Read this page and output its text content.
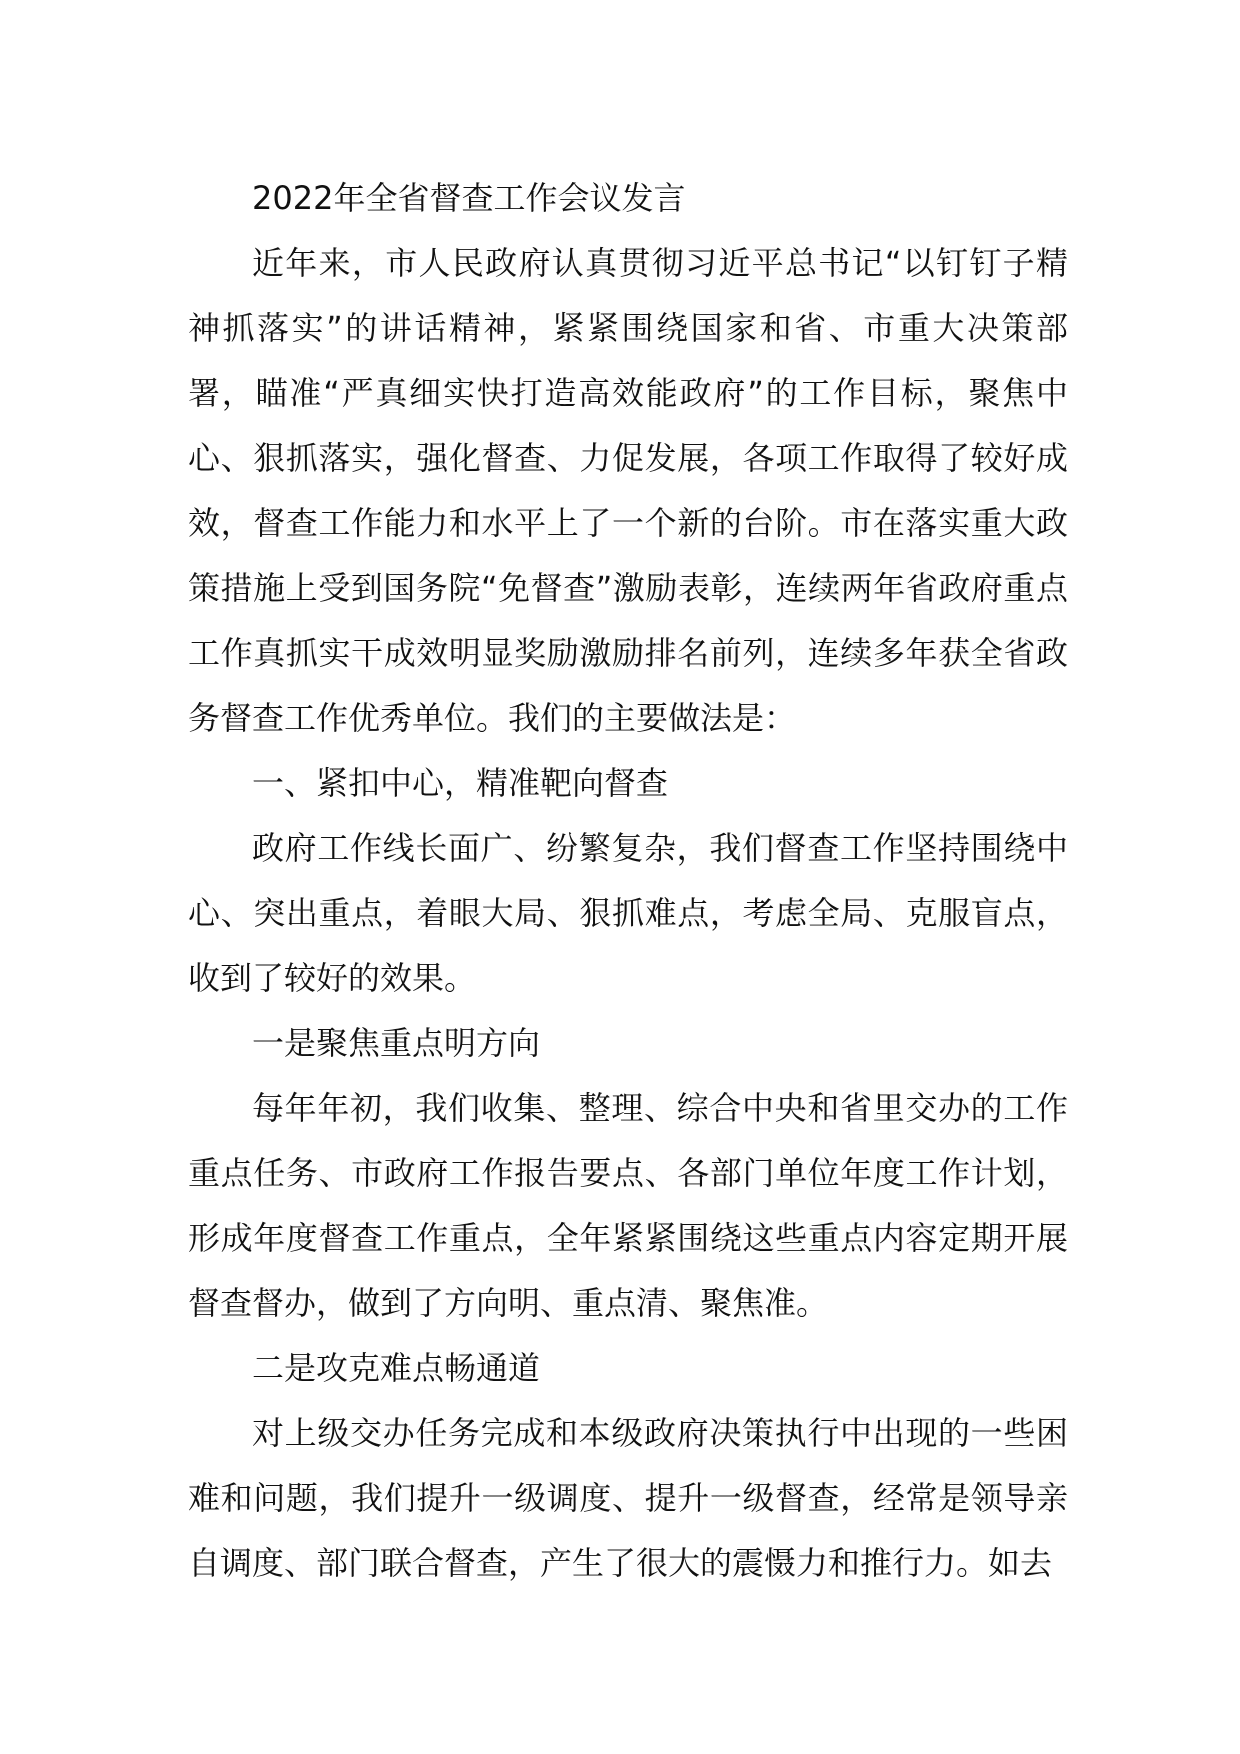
2022年全省督查工作会议发言

近年来，市人民政府认真贯彻习近平总书记“以钉钉子精神抓落实”的讲话精神，紧紧围绕国家和省、市重大决策部署，瞄准“严真细实快打造高效能政府”的工作目标，聚焦中心、狠抓落实，强化督查、力促发展，各项工作取得了较好成效，督查工作能力和水平上了一个新的台阶。市在落实重大政策措施上受到国务院“免督查”激励表彰，连续两年省政府重点工作真抓实干成效明显奖励激励排名前列，连续多年获全省政务督查工作优秀单位。我们的主要做法是：

一、紧扣中心，精准靶向督查

政府工作线长面广、纷繁复杂，我们督查工作坚持围绕中心、突出重点，着眼大局、狠抓难点，考虑全局、克服盲点，收到了较好的效果。

一是聚焦重点明方向

每年年初，我们收集、整理、综合中央和省里交办的工作重点任务、市政府工作报告要点、各部门单位年度工作计划，形成年度督查工作重点，全年紧紧围绕这些重点内容定期开展督查督办，做到了方向明、重点清、聚焦准。

二是攻克难点畅通道

对上级交办任务完成和本级政府决策执行中出现的一些困难和问题，我们提升一级调度、提升一级督查，经常是领导亲自调度、部门联合督查，产生了很大的震慑力和推行力。如去
